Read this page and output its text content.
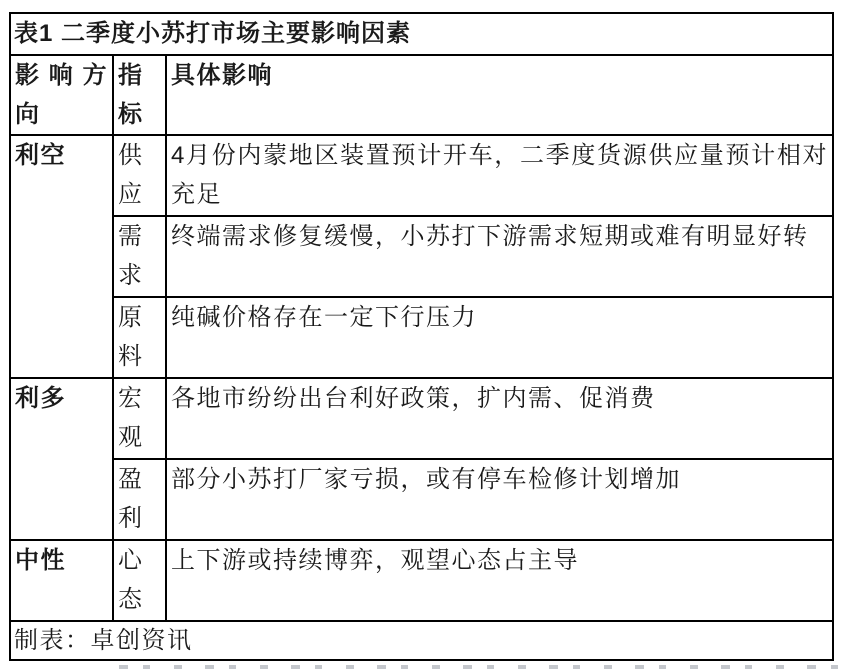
表1 二季度小苏打市场主要影响因素		
影响方向	指标	具体影响
利空	供应	4月份内蒙地区装置预计开车，二季度货源供应量预计相对充足
	需求	终端需求修复缓慢，小苏打下游需求短期或难有明显好转
	原料	纯碱价格存在一定下行压力
利多	宏观	各地市纷纷出台利好政策，扩内需、促消费
	盈利	部分小苏打厂家亏损，或有停车检修计划增加
中性	心态	上下游或持续博弈，观望心态占主导
制表：卓创资讯		
